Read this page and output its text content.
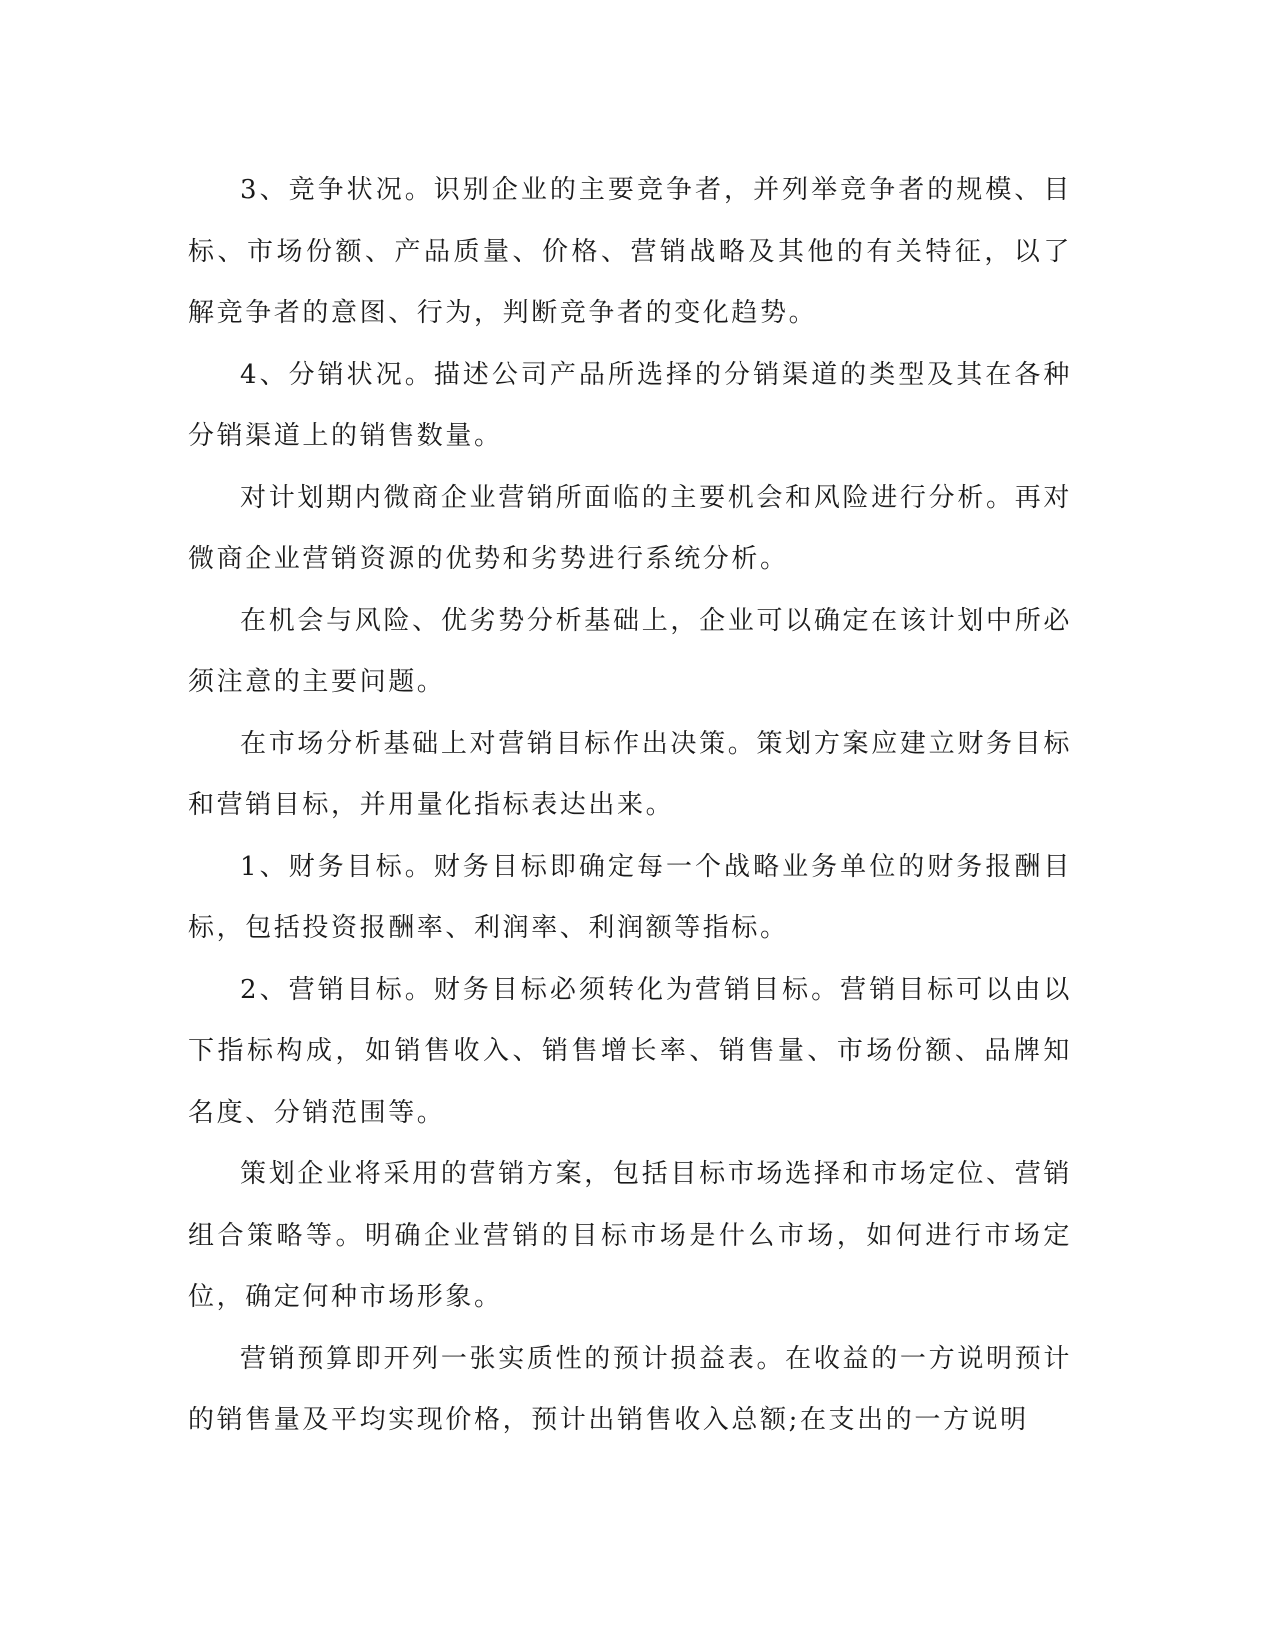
3、竞争状况。识别企业的主要竞争者，并列举竞争者的规模、目标、市场份额、产品质量、价格、营销战略及其他的有关特征，以了解竞争者的意图、行为，判断竞争者的变化趋势。

4、分销状况。描述公司产品所选择的分销渠道的类型及其在各种分销渠道上的销售数量。

对计划期内微商企业营销所面临的主要机会和风险进行分析。再对微商企业营销资源的优势和劣势进行系统分析。

在机会与风险、优劣势分析基础上，企业可以确定在该计划中所必须注意的主要问题。

在市场分析基础上对营销目标作出决策。策划方案应建立财务目标和营销目标，并用量化指标表达出来。

1、财务目标。财务目标即确定每一个战略业务单位的财务报酬目标，包括投资报酬率、利润率、利润额等指标。

2、营销目标。财务目标必须转化为营销目标。营销目标可以由以下指标构成，如销售收入、销售增长率、销售量、市场份额、品牌知名度、分销范围等。

策划企业将采用的营销方案，包括目标市场选择和市场定位、营销组合策略等。明确企业营销的目标市场是什么市场，如何进行市场定位，确定何种市场形象。

营销预算即开列一张实质性的预计损益表。在收益的一方说明预计的销售量及平均实现价格，预计出销售收入总额;在支出的一方说明
